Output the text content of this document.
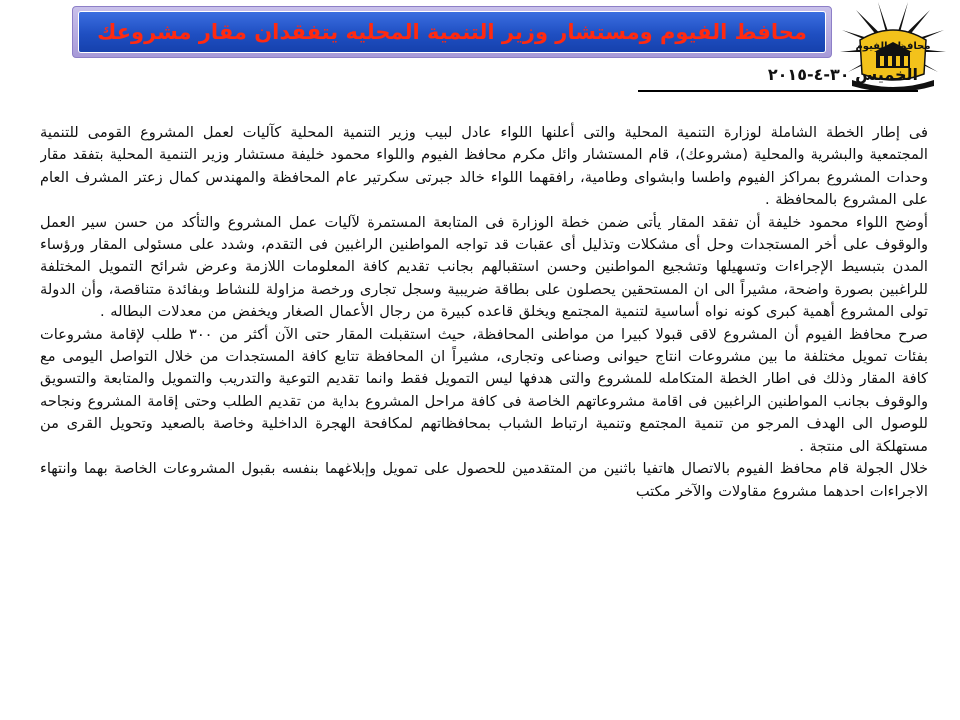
محافظ الفيوم ومستشار وزير التنمية المحليه يتفقدان مقار مشروعك
محافظة الفيوم
الخميس ٣٠-٤-٢٠١٥

فى إطار الخطة الشاملة لوزارة التنمية المحلية والتى أعلنها اللواء عادل لبيب وزير التنمية المحلية كآليات لعمل المشروع القومى للتنمية المجتمعية والبشرية والمحلية (مشروعك)، قام المستشار وائل مكرم محافظ الفيوم واللواء محمود خليفة مستشار وزير التنمية المحلية بتفقد مقار وحدات المشروع بمراكز الفيوم واطسا وابشواى وطامية، رافقهما اللواء خالد جبرتى سكرتير عام المحافظة والمهندس كمال زعتر المشرف العام على المشروع بالمحافظة .

أوضح اللواء محمود خليفة أن تفقد المقار يأتى ضمن خطة الوزارة فى المتابعة المستمرة لآليات عمل المشروع والتأكد من حسن سير العمل والوقوف على أخر المستجدات وحل أى مشكلات وتذليل أى عقبات قد تواجه المواطنين الراغبين فى التقدم، وشدد على مسئولى المقار ورؤساء المدن بتبسيط الإجراءات وتسهيلها وتشجيع المواطنين وحسن استقبالهم بجانب تقديم كافة المعلومات اللازمة وعرض شرائح التمويل المختلفة للراغبين بصورة واضحة، مشيراً الى ان المستحقين يحصلون على بطاقة ضريبية وسجل تجارى ورخصة مزاولة للنشاط وبفائدة متناقصة، وأن الدولة تولى المشروع أهمية كبرى كونه نواه أساسية لتنمية المجتمع ويخلق قاعده كبيرة من رجال الأعمال الصغار ويخفض من معدلات البطاله .

صرح محافظ الفيوم أن المشروع لاقى قبولا كبيرا من مواطنى المحافظة، حيث استقبلت المقار حتى الآن أكثر من ٣٠٠ طلب لإقامة مشروعات بفئات تمويل مختلفة ما بين مشروعات انتاج حيوانى وصناعى وتجارى، مشيراً ان المحافظة تتابع كافة المستجدات من خلال التواصل اليومى مع كافة المقار وذلك فى اطار الخطة المتكامله للمشروع والتى هدفها ليس التمويل فقط وانما تقديم التوعية والتدريب والتمويل والمتابعة والتسويق والوقوف بجانب المواطنين الراغبين فى اقامة مشروعاتهم الخاصة فى كافة مراحل المشروع بداية من تقديم الطلب وحتى إقامة المشروع ونجاحه للوصول الى الهدف المرجو من تنمية المجتمع وتنمية ارتباط الشباب بمحافظاتهم لمكافحة الهجرة الداخلية وخاصة بالصعيد وتحويل القرى من مستهلكة الى منتجة .

خلال الجولة قام محافظ الفيوم بالاتصال هاتفيا باثنين من المتقدمين للحصول على تمويل وإبلاغهما بنفسه بقبول المشروعات الخاصة بهما وانتهاء الاجراءات احدهما مشروع مقاولات والآخر مكتب
